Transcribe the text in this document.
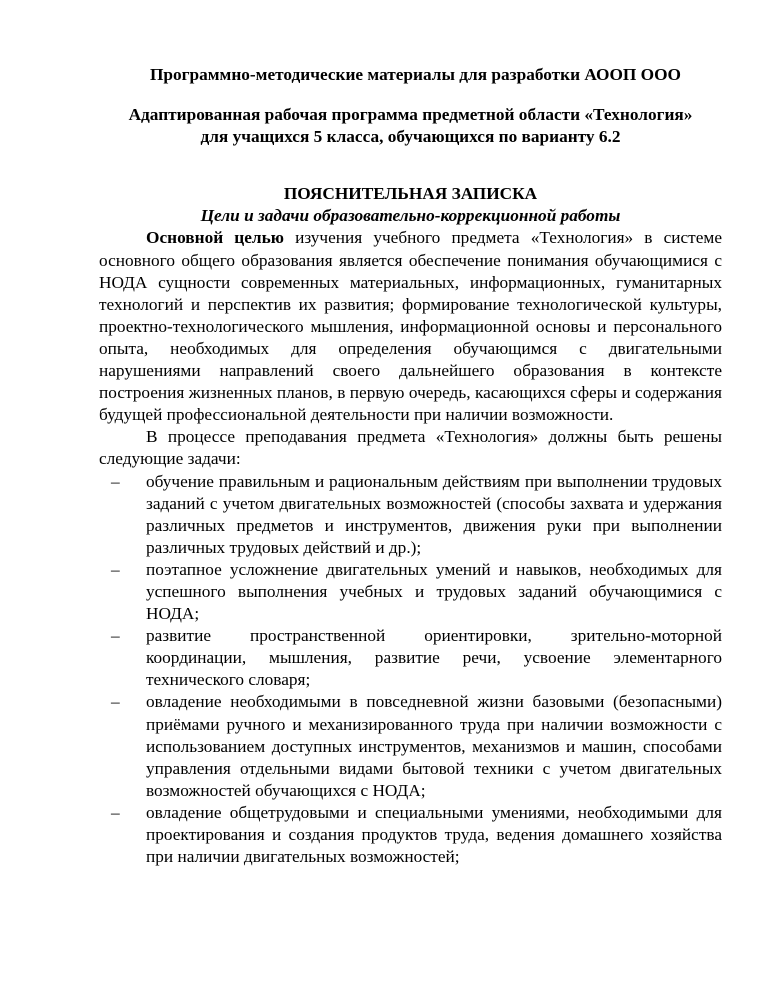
Программно-методические материалы для разработки АООП ООО

Адаптированная рабочая программа предметной области «Технология»

для учащихся 5 класса, обучающихся по варианту 6.2

ПОЯСНИТЕЛЬНАЯ ЗАПИСКА

Цели и задачи образовательно-коррекционной работы

Основной целью изучения учебного предмета «Технология» в системе основного общего образования является обеспечение понимания обучающимися с НОДА сущности современных материальных, информационных, гуманитарных технологий и перспектив их развития; формирование технологической культуры, проектно-технологического мышления, информационной основы и персонального опыта, необходимых для определения обучающимся с двигательными нарушениями направлений своего дальнейшего образования в контексте построения жизненных планов, в первую очередь, касающихся сферы и содержания будущей профессиональной деятельности при наличии возможности.

В процессе преподавания предмета «Технология» должны быть решены следующие задачи:

– обучение правильным и рациональным действиям при выполнении трудовых заданий с учетом двигательных возможностей (способы захвата и удержания различных предметов и инструментов, движения руки при выполнении различных трудовых действий и др.);
– поэтапное усложнение двигательных умений и навыков, необходимых для успешного выполнения учебных и трудовых заданий обучающимися с НОДА;
– развитие пространственной ориентировки, зрительно-моторной координации, мышления, развитие речи, усвоение элементарного технического словаря;
– овладение необходимыми в повседневной жизни базовыми (безопасными) приёмами ручного и механизированного труда при наличии возможности с использованием доступных инструментов, механизмов и машин, способами управления отдельными видами бытовой техники с учетом двигательных возможностей обучающихся с НОДА;
– овладение общетрудовыми и специальными умениями, необходимыми для проектирования и создания продуктов труда, ведения домашнего хозяйства при наличии двигательных возможностей;
